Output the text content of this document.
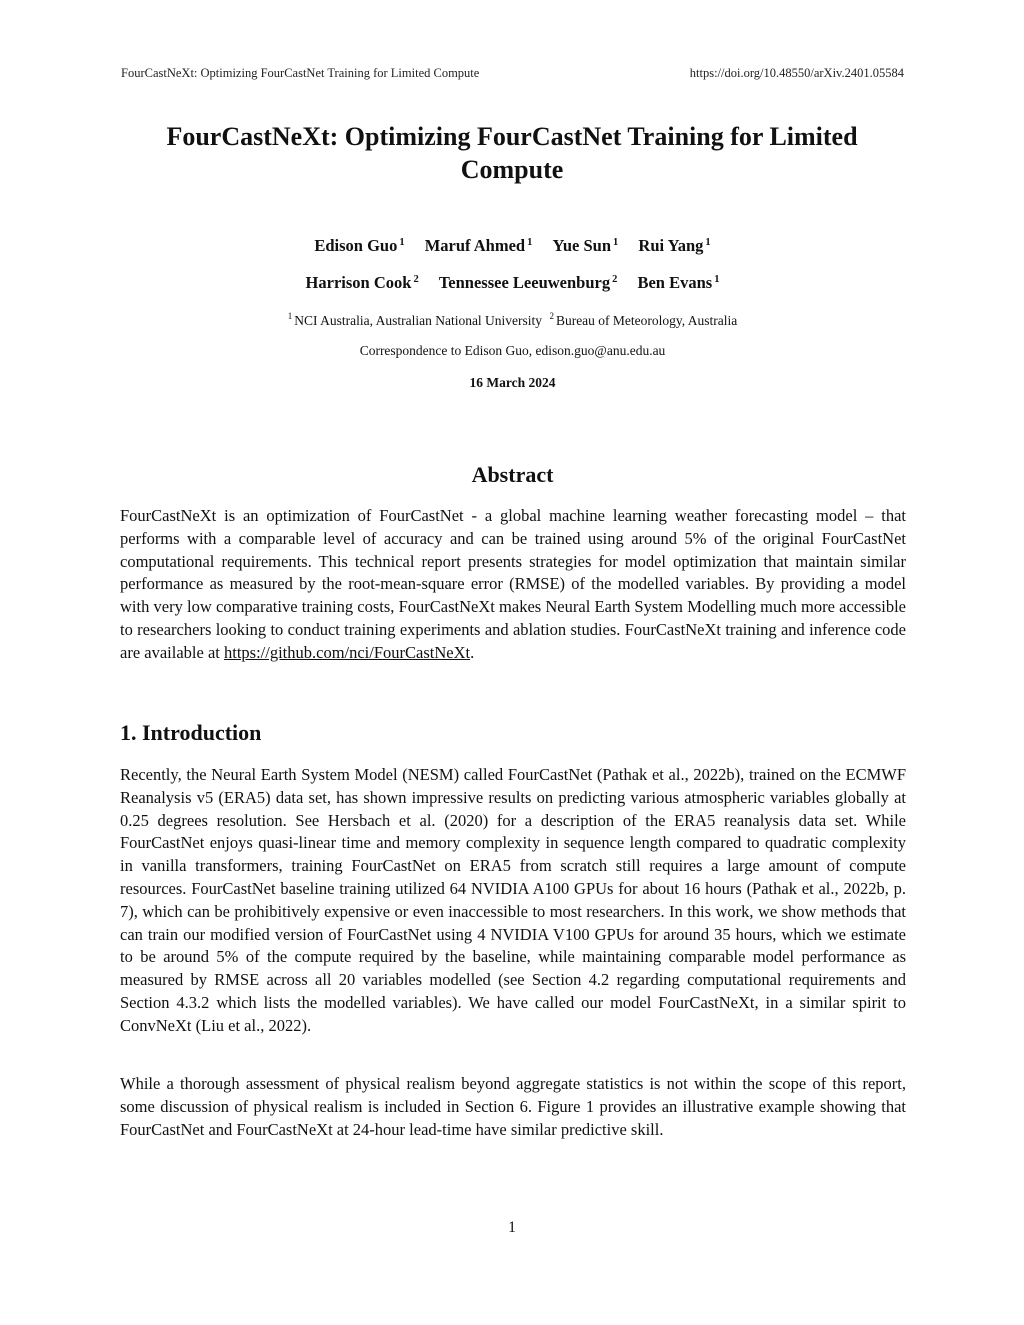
FourCastNeXt: Optimizing FourCastNet Training for Limited Compute	https://doi.org/10.48550/arXiv.2401.05584
FourCastNeXt: Optimizing FourCastNet Training for Limited Compute
Edison Guo $^1$ Maruf Ahmed $^1$ Yue Sun $^1$ Rui Yang $^1$
Harrison Cook $^2$ Tennessee Leeuwenburg $^2$ Ben Evans $^1$
$^1$ NCI Australia, Australian National University $^2$ Bureau of Meteorology, Australia
Correspondence to Edison Guo, edison.guo@anu.edu.au
16 March 2024
Abstract

FourCastNeXt is an optimization of FourCastNet - a global machine learning weather forecasting model – that performs with a comparable level of accuracy and can be trained using around 5% of the original FourCastNet computational requirements. This technical report presents strategies for model optimization that maintain similar performance as measured by the root-mean-square error (RMSE) of the modelled variables. By providing a model with very low comparative training costs, FourCastNeXt makes Neural Earth System Modelling much more accessible to researchers looking to conduct training experiments and ablation studies. FourCastNeXt training and inference code are available at https://github.com/nci/FourCastNeXt.

1. Introduction

Recently, the Neural Earth System Model (NESM) called FourCastNet (Pathak et al., 2022b), trained on the ECMWF Reanalysis v5 (ERA5) data set, has shown impressive results on predicting various atmospheric variables globally at 0.25 degrees resolution. See Hersbach et al. (2020) for a description of the ERA5 reanalysis data set. While FourCastNet enjoys quasi-linear time and memory complexity in sequence length compared to quadratic complexity in vanilla transformers, training FourCastNet on ERA5 from scratch still requires a large amount of compute resources. FourCastNet baseline training utilized 64 NVIDIA A100 GPUs for about 16 hours (Pathak et al., 2022b, p. 7), which can be prohibitively expensive or even inaccessible to most researchers. In this work, we show methods that can train our modified version of FourCastNet using 4 NVIDIA V100 GPUs for around 35 hours, which we estimate to be around 5% of the compute required by the baseline, while maintaining comparable model performance as measured by RMSE across all 20 variables modelled (see Section 4.2 regarding computational requirements and Section 4.3.2 which lists the modelled variables). We have called our model FourCastNeXt, in a similar spirit to ConvNeXt (Liu et al., 2022).

While a thorough assessment of physical realism beyond aggregate statistics is not within the scope of this report, some discussion of physical realism is included in Section 6. Figure 1 provides an illustrative example showing that FourCastNet and FourCastNeXt at 24-hour lead-time have similar predictive skill.

1
